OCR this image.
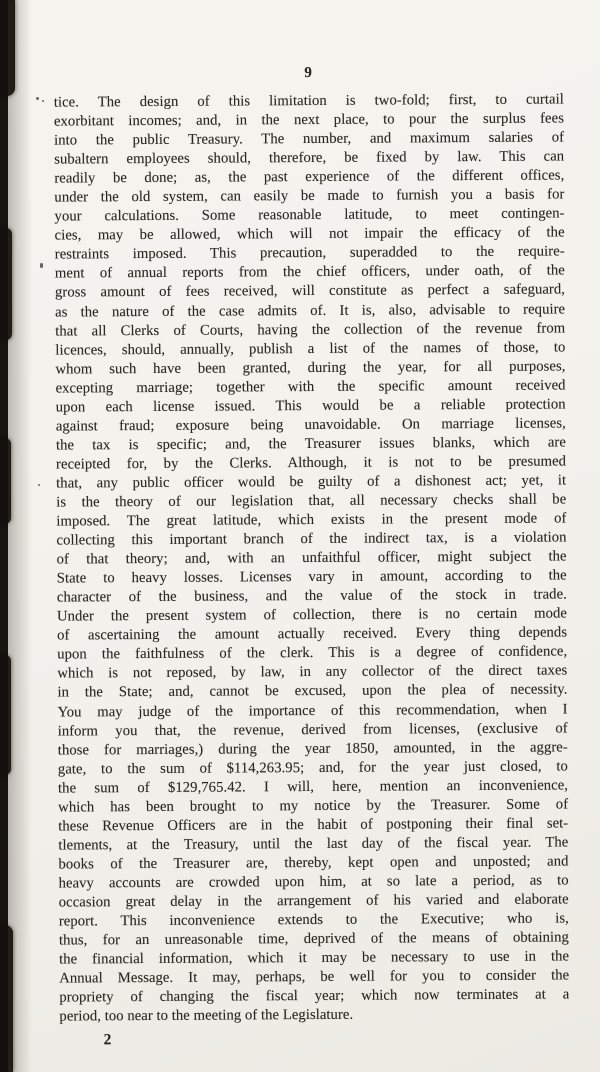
9
tice. The design of this limitation is two-fold; first, to curtail
exorbitant incomes; and, in the next place, to pour the surplus fees
into the public Treasury. The number, and maximum salaries of
subaltern employees should, therefore, be fixed by law. This can
readily be done; as, the past experience of the different offices,
under the old system, can easily be made to furnish you a basis for
your calculations. Some reasonable latitude, to meet contingen-
cies, may be allowed, which will not impair the efficacy of the
restraints imposed. This precaution, superadded to the require-
ment of annual reports from the chief officers, under oath, of the
gross amount of fees received, will constitute as perfect a safeguard,
as the nature of the case admits of. It is, also, advisable to require
that all Clerks of Courts, having the collection of the revenue from
licences, should, annually, publish a list of the names of those, to
whom such have been granted, during the year, for all purposes,
excepting marriage; together with the specific amount received
upon each license issued. This would be a reliable protection
against fraud; exposure being unavoidable. On marriage licenses,
the tax is specific; and, the Treasurer issues blanks, which are
receipted for, by the Clerks. Although, it is not to be presumed
that, any public officer would be guilty of a dishonest act; yet, it
is the theory of our legislation that, all necessary checks shall be
imposed. The great latitude, which exists in the present mode of
collecting this important branch of the indirect tax, is a violation
of that theory; and, with an unfaithful officer, might subject the
State to heavy losses. Licenses vary in amount, according to the
character of the business, and the value of the stock in trade.
Under the present system of collection, there is no certain mode
of ascertaining the amount actually received. Every thing depends
upon the faithfulness of the clerk. This is a degree of confidence,
which is not reposed, by law, in any collector of the direct taxes
in the State; and, cannot be excused, upon the plea of necessity.
You may judge of the importance of this recommendation, when I
inform you that, the revenue, derived from licenses, (exclusive of
those for marriages,) during the year 1850, amounted, in the aggre-
gate, to the sum of $114,263.95; and, for the year just closed, to
the sum of $129,765.42. I will, here, mention an inconvenience,
which has been brought to my notice by the Treasurer. Some of
these Revenue Officers are in the habit of postponing their final set-
tlements, at the Treasury, until the last day of the fiscal year. The
books of the Treasurer are, thereby, kept open and unposted; and
heavy accounts are crowded upon him, at so late a period, as to
occasion great delay in the arrangement of his varied and elaborate
report. This inconvenience extends to the Executive; who is,
thus, for an unreasonable time, deprived of the means of obtaining
the financial information, which it may be necessary to use in the
Annual Message. It may, perhaps, be well for you to consider the
propriety of changing the fiscal year; which now terminates at a
period, too near to the meeting of the Legislature.
2
